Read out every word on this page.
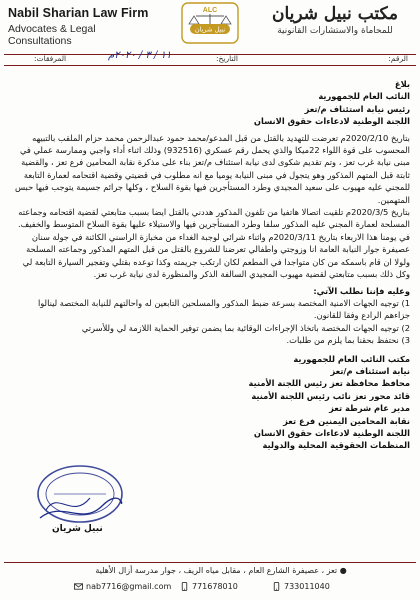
Nabil Sharian Law Firm
Advocates & Legal Consultations
ALC
نبيل شريان
مكتب نبيل شريان
للمحاماة والاستشارات القانونية
الرقم:
التاريخ:
١١ / ٣ / ٢٠٢٠م
المرفقات:

بلاغ

النائب العام للجمهورية

رئيس نيابة استئناف م/تعز

اللجنة الوطنية لادعاءات حقوق الانسان

بتاريخ 2020/2/10م تعرضت للتهديد بالقتل من قبل المدعو/محمد حمود عبدالرحمن محمد حزام الملقب بالتبيهه المحسوب على قوة اللواء 22ميكا والذي يحمل رقم عسكري (932516) وذلك اثناء أداء واجبي وممارسة عملي في مبنى نيابة غرب تعز ، وتم تقديم شكوى لدى نيابة استئناف م/تعز بناء على مذكرة نقابة المحامين فرع تعز ، والقضية ثابتة قبل المتهم المذكور وهو يتجول في مبنى النيابة يوميا مع انه مطلوب في قضيتي وقضية اقتحامه لعمارة التابعة للمجني عليه مهيوب على سعيد المجيدي وطرد المستأجرين فيها بقوة السلاح ، وكلها جرائم جسيمة يتوجب فيها حبس المتهمين.

بتاريخ 2020/3/5م تلقيت اتصالا هاتفيا من تلفون المذكور هددني بالقتل ايضا بسبب متابعتي لقضية اقتحامه وجماعته المسلحة لعمارة المجني عليه المذكور سلفا وطرد المستأجرين فيها والاستيلاء عليها بقوة السلاح المتوسط والخفيف.

في يومنا هذا الاربعاء بتاريخ 2020/3/11م واثناء شرائي لوجبة الغداء من مخبازة الراسني الكائنة في جولة سنان عصيفرة جوار النيابة العامة انا وزوجتي واطفالي تعرضنا للشروع بالقتل من قبل المتهم المذكور وجماعته المسلحة ولولا ان قام باسمكه من كان متواجدا في المطعم لكان ارتكب جريمته وكذا توعده بقتلي وتفجير السيارة التابعة لي وكل ذلك بسبب متابعتي لقضية مهيوب المجيدي السالفة الذكر والمنظورة لدى نيابة غرب تعز.

وعليه فإننا نطلب الآتي:

1) توجيه الجهات الامنية المختصة بسرعة ضبط المذكور والمسلحين التابعين له واحالتهم للنيابة المختصة لينالوا جزاءهم الرادع وفقا للقانون.
2) توجيه الجهات المختصة باتخاذ الإجراءات الوقائية بما يضمن توفير الحماية اللازمة لي وللأسرتي
3) نحتفظ بحقنا بما يلزم من طلبات.

مكتب النائب العام للجمهورية

نيابة استئناف م/تعز

محافظ محافظة تعز رئيس اللجنة الأمنية

قائد محور تعز نائب رئيس اللجنة الأمنية

مدير عام شرطة تعز

نقابة المحامين اليمنين فرع تعز

اللجنة الوطنية لادعاءات حقوق الانسان

المنظمات الحقوقية المحلية والدولية

نبيل شريان
● تعز ، عصيفرة الشارع العام ، مقابل مياه الريف ، جوار مدرسة أزال الأهلية
nab7716@gmail.com	771678010	733011040
